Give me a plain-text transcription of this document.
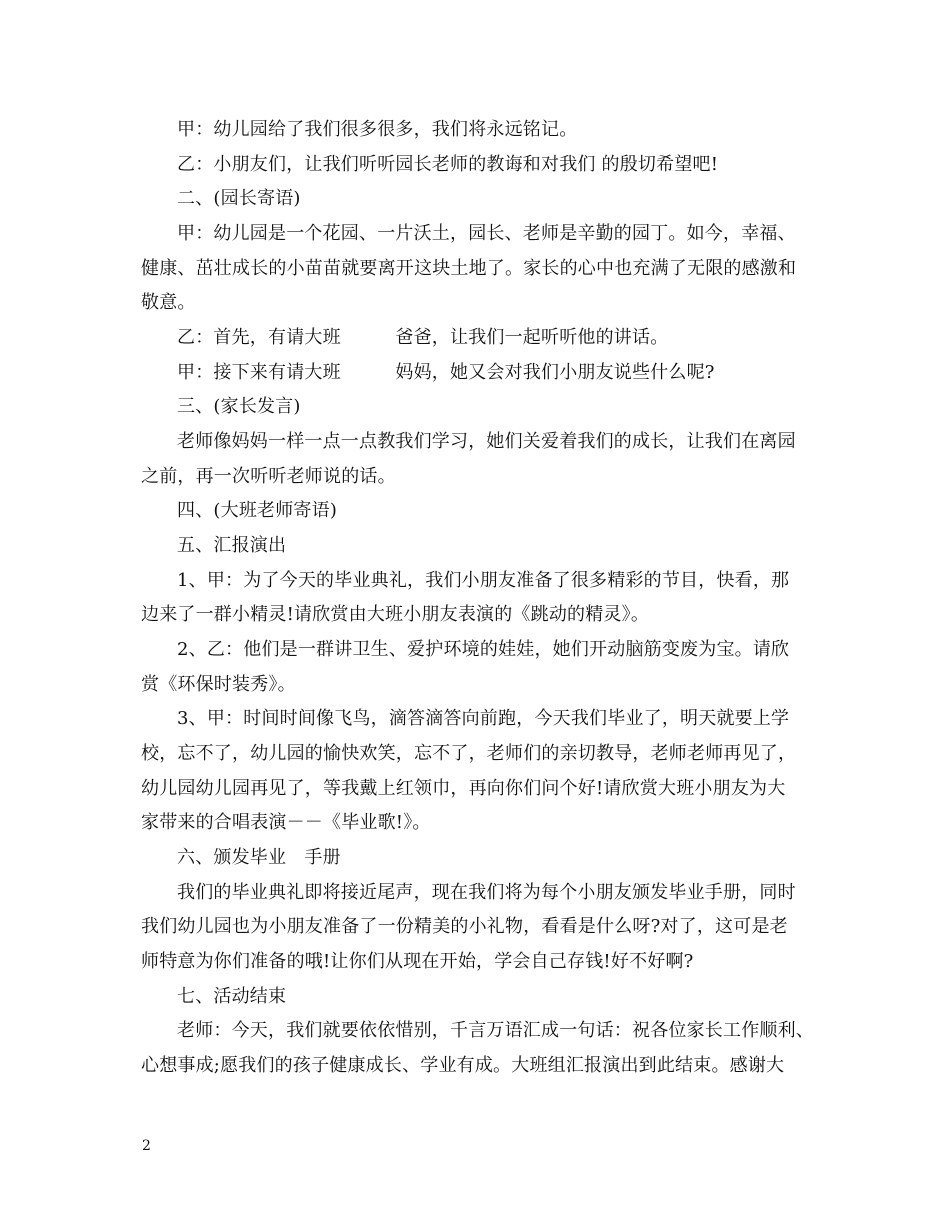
甲：幼儿园给了我们很多很多，我们将永远铭记。
乙：小朋友们，让我们听听园长老师的教诲和对我们 的殷切希望吧!
二、(园长寄语)
甲：幼儿园是一个花园、一片沃土，园长、老师是辛勤的园丁。如今，幸福、
健康、茁壮成长的小苗苗就要离开这块土地了。家长的心中也充满了无限的感激和
敬意。
乙：首先，有请大班　　　爸爸，让我们一起听听他的讲话。
甲：接下来有请大班　　　妈妈，她又会对我们小朋友说些什么呢?
三、(家长发言)
老师像妈妈一样一点一点教我们学习，她们关爱着我们的成长，让我们在离园
之前，再一次听听老师说的话。
四、(大班老师寄语)
五、汇报演出
1、甲：为了今天的毕业典礼，我们小朋友准备了很多精彩的节目，快看，那
边来了一群小精灵!请欣赏由大班小朋友表演的《跳动的精灵》。
2、乙：他们是一群讲卫生、爱护环境的娃娃，她们开动脑筋变废为宝。请欣
赏《环保时装秀》。
3、甲：时间时间像飞鸟，滴答滴答向前跑，今天我们毕业了，明天就要上学
校，忘不了，幼儿园的愉快欢笑，忘不了，老师们的亲切教导，老师老师再见了，
幼儿园幼儿园再见了，等我戴上红领巾，再向你们问个好!请欣赏大班小朋友为大
家带来的合唱表演－－《毕业歌!》。
六、颁发毕业　手册
我们的毕业典礼即将接近尾声，现在我们将为每个小朋友颁发毕业手册，同时
我们幼儿园也为小朋友准备了一份精美的小礼物，看看是什么呀?对了，这可是老
师特意为你们准备的哦!让你们从现在开始，学会自己存钱!好不好啊?
七、活动结束
老师：今天，我们就要依依惜别，千言万语汇成一句话：祝各位家长工作顺利、
心想事成;愿我们的孩子健康成长、学业有成。大班组汇报演出到此结束。感谢大
2
